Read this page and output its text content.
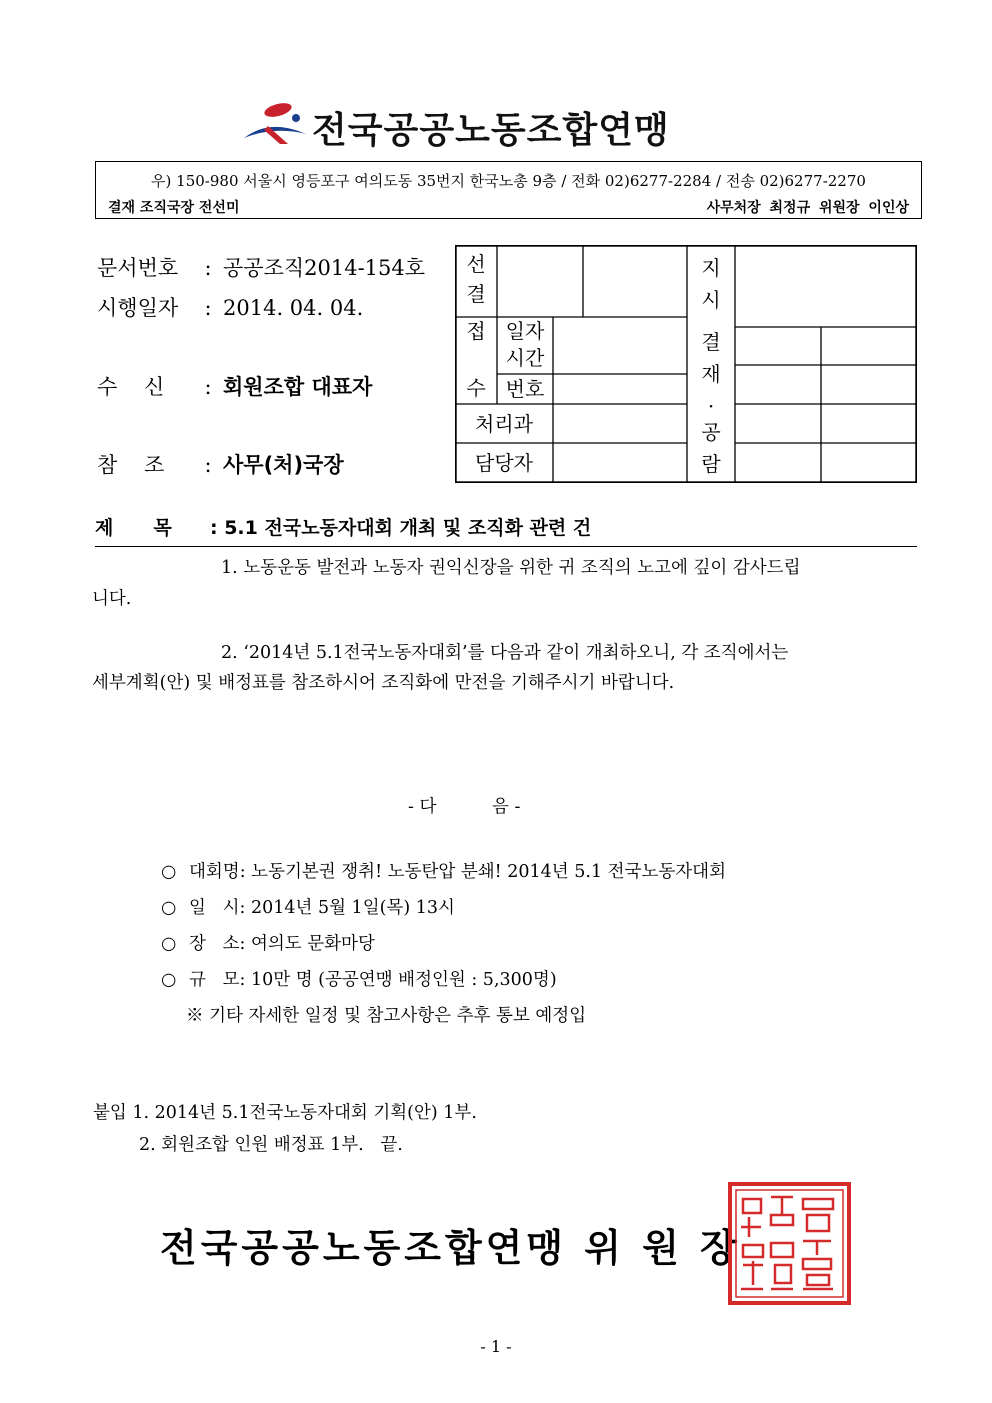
전국공공노동조합연맹
우) 150-980 서울시 영등포구 여의도동 35번지 한국노총 9층 / 전화 02)6277-2284 / 전송 02)6277-2270
결재 조직국장 전선미	사무처장 최정규 위원장 이인상
문서번호 : 공공조직2014-154호
시행일자 : 2014. 04. 04.
수    신 : 회원조합 대표자
참    조 : 사무(처)국장
선
결
접
수
일자
시간
번호
처리과
담당자
지
시
결
재
·
공
람
제목: 5.1 전국노동자대회 개최 및 조직화 관련 건
1. 노동운동 발전과 노동자 권익신장을 위한 귀 조직의 노고에 깊이 감사드립
니다.
2. ‘2014년 5.1전국노동자대회’를 다음과 같이 개최하오니, 각 조직에서는
세부계획(안) 및 배정표를 참조하시어 조직화에 만전을 기해주시기 바랍니다.
- 다          음 -
○ 대회명: 노동기본권 쟁취! 노동탄압 분쇄! 2014년 5.1 전국노동자대회
○ 일   시: 2014년 5월 1일(목) 13시
○ 장   소: 여의도 문화마당
○ 규   모: 10만 명 (공공연맹 배정인원 : 5,300명)
※ 기타 자세한 일정 및 참고사항은 추후 통보 예정입
붙입 1. 2014년 5.1전국노동자대회 기획(안) 1부.
2. 회원조합 인원 배정표 1부.   끝.
전국공공노동조합연맹 위 원 장
- 1 -
